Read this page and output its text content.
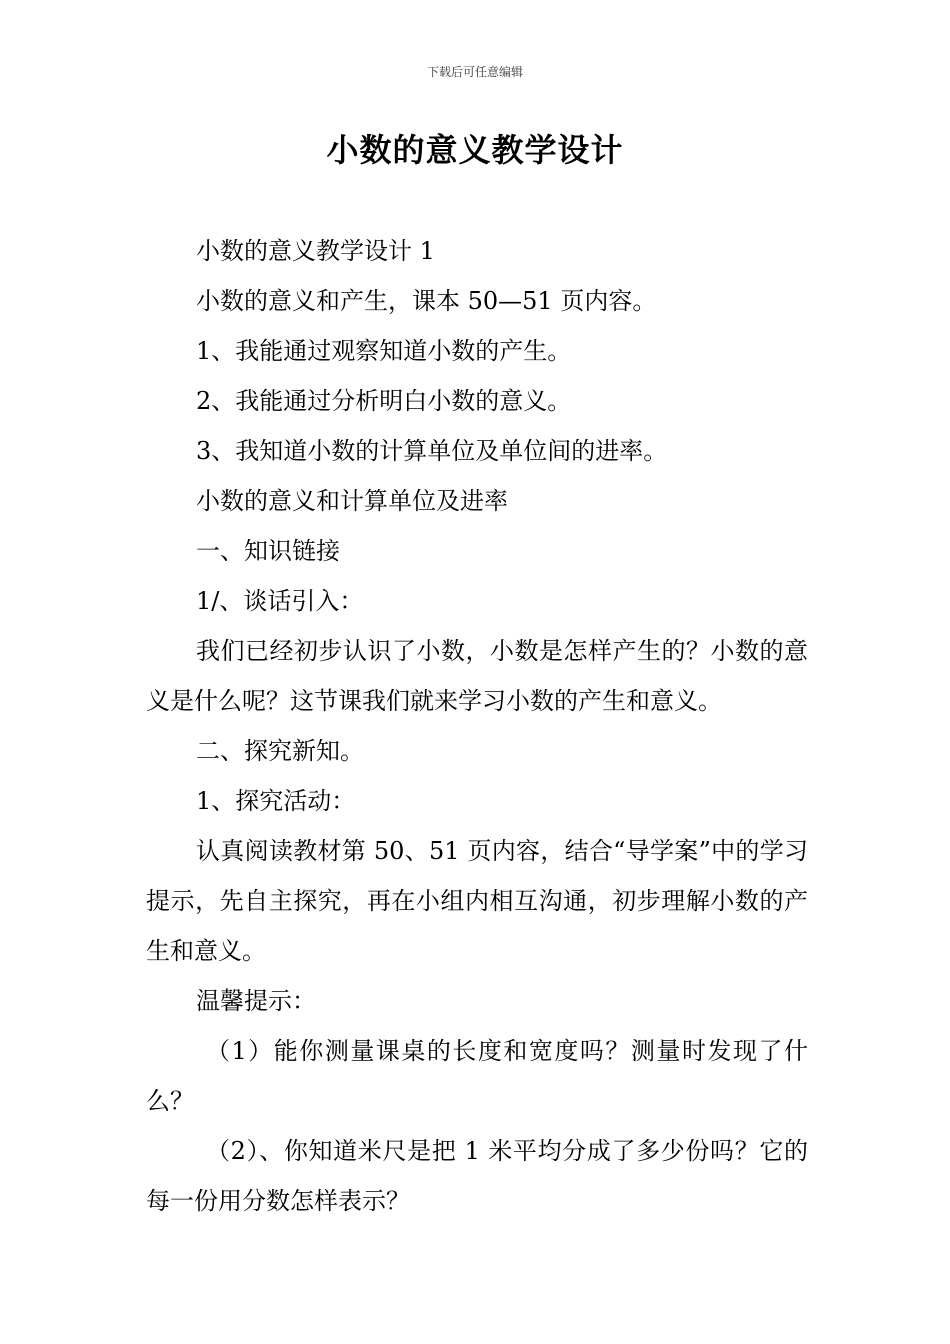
下载后可任意编辑
小数的意义教学设计

小数的意义教学设计 1

小数的意义和产生，课本 50—51 页内容。

1、我能通过观察知道小数的产生。

2、我能通过分析明白小数的意义。

3、我知道小数的计算单位及单位间的进率。

小数的意义和计算单位及进率

一、知识链接

1/、谈话引入：

我们已经初步认识了小数，小数是怎样产生的？小数的意义是什么呢？这节课我们就来学习小数的产生和意义。

二、探究新知。

1、探究活动：

认真阅读教材第 50、51 页内容，结合“导学案”中的学习提示，先自主探究，再在小组内相互沟通，初步理解小数的产生和意义。

温馨提示：

（1）能你测量课桌的长度和宽度吗？测量时发现了什么？

（2）、你知道米尺是把 1 米平均分成了多少份吗？它的每一份用分数怎样表示？
